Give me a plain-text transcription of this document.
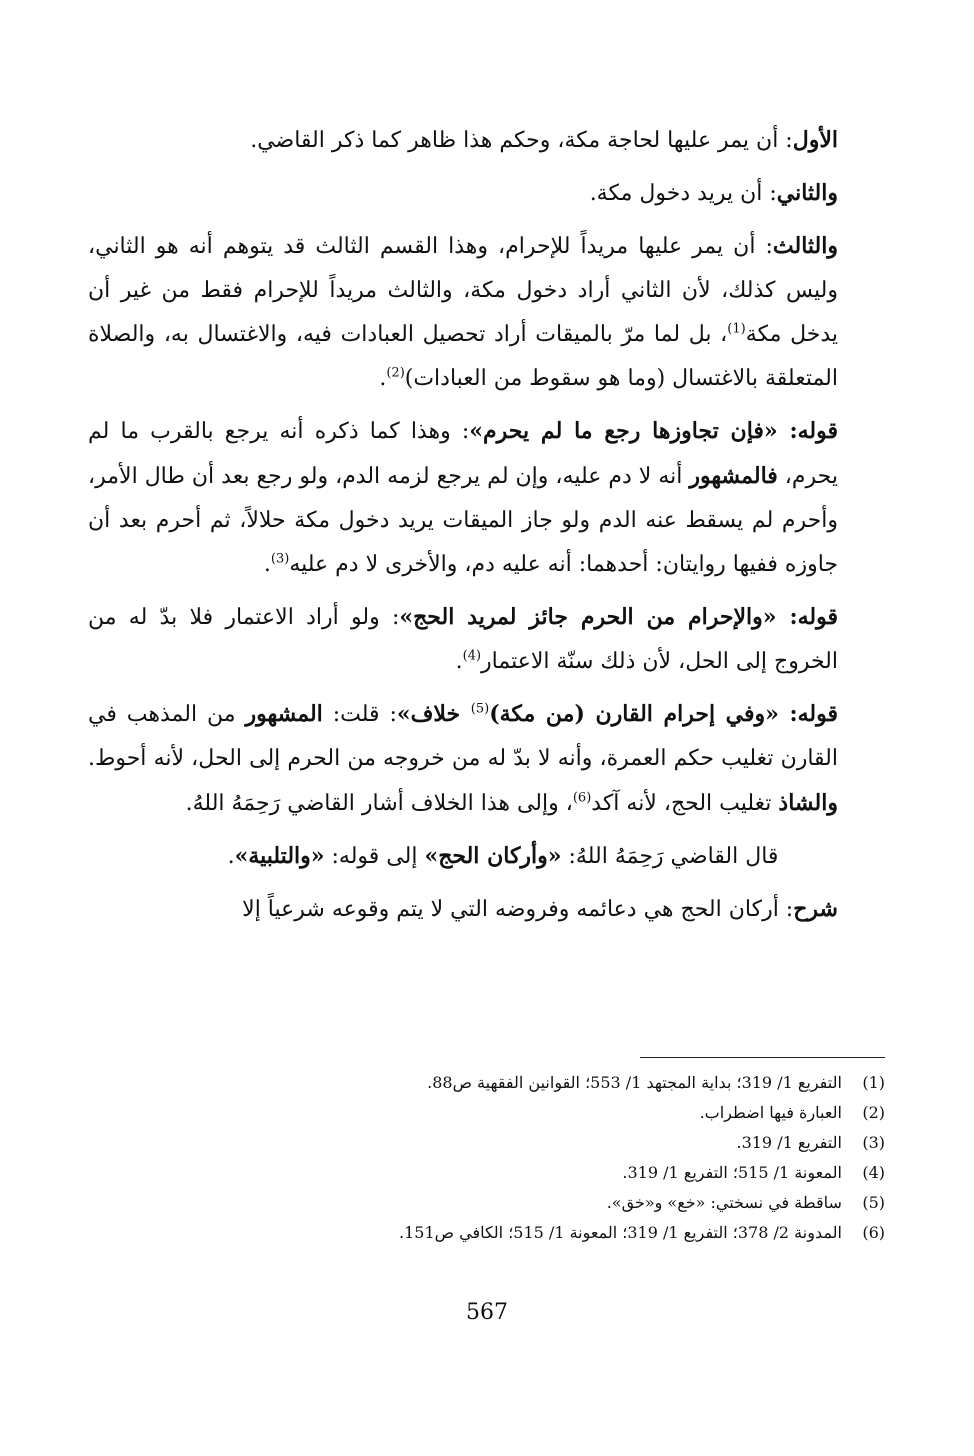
الأول: أن يمر عليها لحاجة مكة، وحكم هذا ظاهر كما ذكر القاضي.

والثاني: أن يريد دخول مكة.

والثالث: أن يمر عليها مريداً للإحرام، وهذا القسم الثالث قد يتوهم أنه هو الثاني، وليس كذلك، لأن الثاني أراد دخول مكة، والثالث مريداً للإحرام فقط من غير أن يدخل مكة$^{(1)}$، بل لما مرّ بالميقات أراد تحصيل العبادات فيه، والاغتسال به، والصلاة المتعلقة بالاغتسال (وما هو سقوط من العبادات)$^{(2)}$.

قوله: «فإن تجاوزها رجع ما لم يحرم»: وهذا كما ذكره أنه يرجع بالقرب ما لم يحرم، فالمشهور أنه لا دم عليه، وإن لم يرجع لزمه الدم، ولو رجع بعد أن طال الأمر، وأحرم لم يسقط عنه الدم ولو جاز الميقات يريد دخول مكة حلالاً، ثم أحرم بعد أن جاوزه ففيها روايتان: أحدهما: أنه عليه دم، والأخرى لا دم عليه$^{(3)}$.

قوله: «والإحرام من الحرم جائز لمريد الحج»: ولو أراد الاعتمار فلا بدّ له من الخروج إلى الحل، لأن ذلك سنّة الاعتمار$^{(4)}$.

قوله: «وفي إحرام القارن (من مكة)$^{(5)}$ خلاف»: قلت: المشهور من المذهب في القارن تغليب حكم العمرة، وأنه لا بدّ له من خروجه من الحرم إلى الحل، لأنه أحوط. والشاذ تغليب الحج، لأنه آكد$^{(6)}$، وإلى هذا الخلاف أشار القاضي رَحِمَهُ اللهُ.

قال القاضي رَحِمَهُ اللهُ: «وأركان الحج» إلى قوله: «والتلبية».

شرح: أركان الحج هي دعائمه وفروضه التي لا يتم وقوعه شرعياً إلا

(1) التفريع 1/ 319؛ بداية المجتهد 1/ 553؛ القوانين الفقهية ص88.

(2) العبارة فيها اضطراب.

(3) التفريع 1/ 319.

(4) المعونة 1/ 515؛ التفريع 1/ 319.

(5) ساقطة في نسختي: «خع» و«خق».

(6) المدونة 2/ 378؛ التفريع 1/ 319؛ المعونة 1/ 515؛ الكافي ص151.

567
